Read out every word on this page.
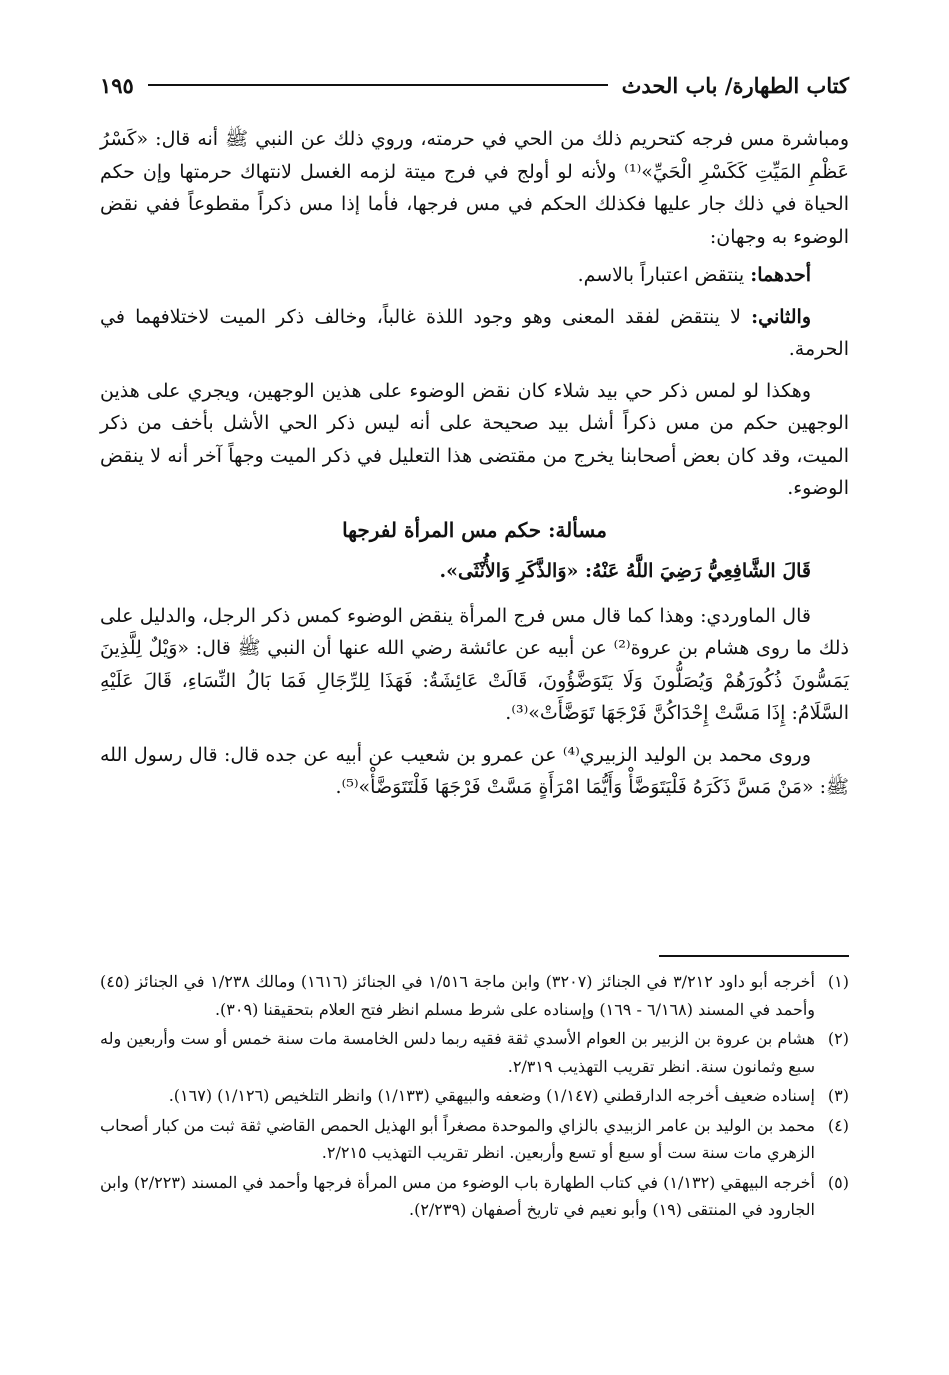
كتاب الطهارة/ باب الحدث
١٩٥

ومباشرة مس فرجه كتحريم ذلك من الحي في حرمته، وروي ذلك عن النبي ﷺ أنه قال: «كَسْرُ عَظْمِ المَيِّتِ كَكَسْرِ الْحَيِّ»⁽¹⁾ ولأنه لو أولج في فرج ميتة لزمه الغسل لانتهاك حرمتها وإن حكم الحياة في ذلك جار عليها فكذلك الحكم في مس فرجها، فأما إذا مس ذكراً مقطوعاً ففي نقض الوضوء به وجهان:

أحدهما: ينتقض اعتباراً بالاسم.

والثاني: لا ينتقض لفقد المعنى وهو وجود اللذة غالباً، وخالف ذكر الميت لاختلافهما في الحرمة.

وهكذا لو لمس ذكر حي بيد شلاء كان نقض الوضوء على هذين الوجهين، ويجري على هذين الوجهين حكم من مس ذكراً أشل بيد صحيحة على أنه ليس ذكر الحي الأشل بأخف من ذكر الميت، وقد كان بعض أصحابنا يخرج من مقتضى هذا التعليل في ذكر الميت وجهاً آخر أنه لا ينقض الوضوء.

مسألة: حكم مس المرأة لفرجها

قَالَ الشَّافِعِيُّ رَضِيَ اللَّهُ عَنْهُ: «وَالذَّكَرِ وَالأُنْثَى».

قال الماوردي: وهذا كما قال مس فرج المرأة ينقض الوضوء كمس ذكر الرجل، والدليل على ذلك ما روى هشام بن عروة⁽²⁾ عن أبيه عن عائشة رضي الله عنها أن النبي ﷺ قال: «وَيْلٌ لِلَّذِينَ يَمَسُّونَ ذُكُورَهُمْ وَيُصَلُّونَ وَلَا يَتَوَضَّؤُونَ، قَالَتْ عَائِشَةُ: فَهَذَا لِلرِّجَالِ فَمَا بَالُ النِّسَاءِ، قَالَ عَلَيْهِ السَّلَامُ: إِذَا مَسَّتْ إِحْدَاكُنَّ فَرْجَهَا تَوَضَّأَتْ»⁽³⁾.

وروى محمد بن الوليد الزبيري⁽⁴⁾ عن عمرو بن شعيب عن أبيه عن جده قال: قال رسول الله ﷺ: «مَنْ مَسَّ ذَكَرَهُ فَلْيَتَوَضَّأْ وَأَيُّمَا امْرَأَةٍ مَسَّتْ فَرْجَهَا فَلْتَتَوَضَّأْ»⁽⁵⁾.

(١)
أخرجه أبو داود ٣/٢١٢ في الجنائز (٣٢٠٧) وابن ماجة ١/٥١٦ في الجنائز (١٦١٦) ومالك ١/٢٣٨ في الجنائز (٤٥) وأحمد في المسند (٦/١٦٨ - ١٦٩) وإسناده على شرط مسلم انظر فتح العلام بتحقيقنا (٣٠٩).
(٢)
هشام بن عروة بن الزبير بن العوام الأسدي ثقة فقيه ربما دلس الخامسة مات سنة خمس أو ست وأربعين وله سبع وثمانون سنة. انظر تقريب التهذيب ٢/٣١٩.
(٣)
إسناده ضعيف أخرجه الدارقطني (١/١٤٧) وضعفه والبيهقي (١/١٣٣) وانظر التلخيص (١/١٢٦) (١٦٧).
(٤)
محمد بن الوليد بن عامر الزبيدي بالزاي والموحدة مصغراً أبو الهذيل الحمص القاضي ثقة ثبت من كبار أصحاب الزهري مات سنة ست أو سبع أو تسع وأربعين. انظر تقريب التهذيب ٢/٢١٥.
(٥)
أخرجه البيهقي (١/١٣٢) في كتاب الطهارة باب الوضوء من مس المرأة فرجها وأحمد في المسند (٢/٢٢٣) وابن الجارود في المنتقى (١٩) وأبو نعيم في تاريخ أصفهان (٢/٢٣٩).
